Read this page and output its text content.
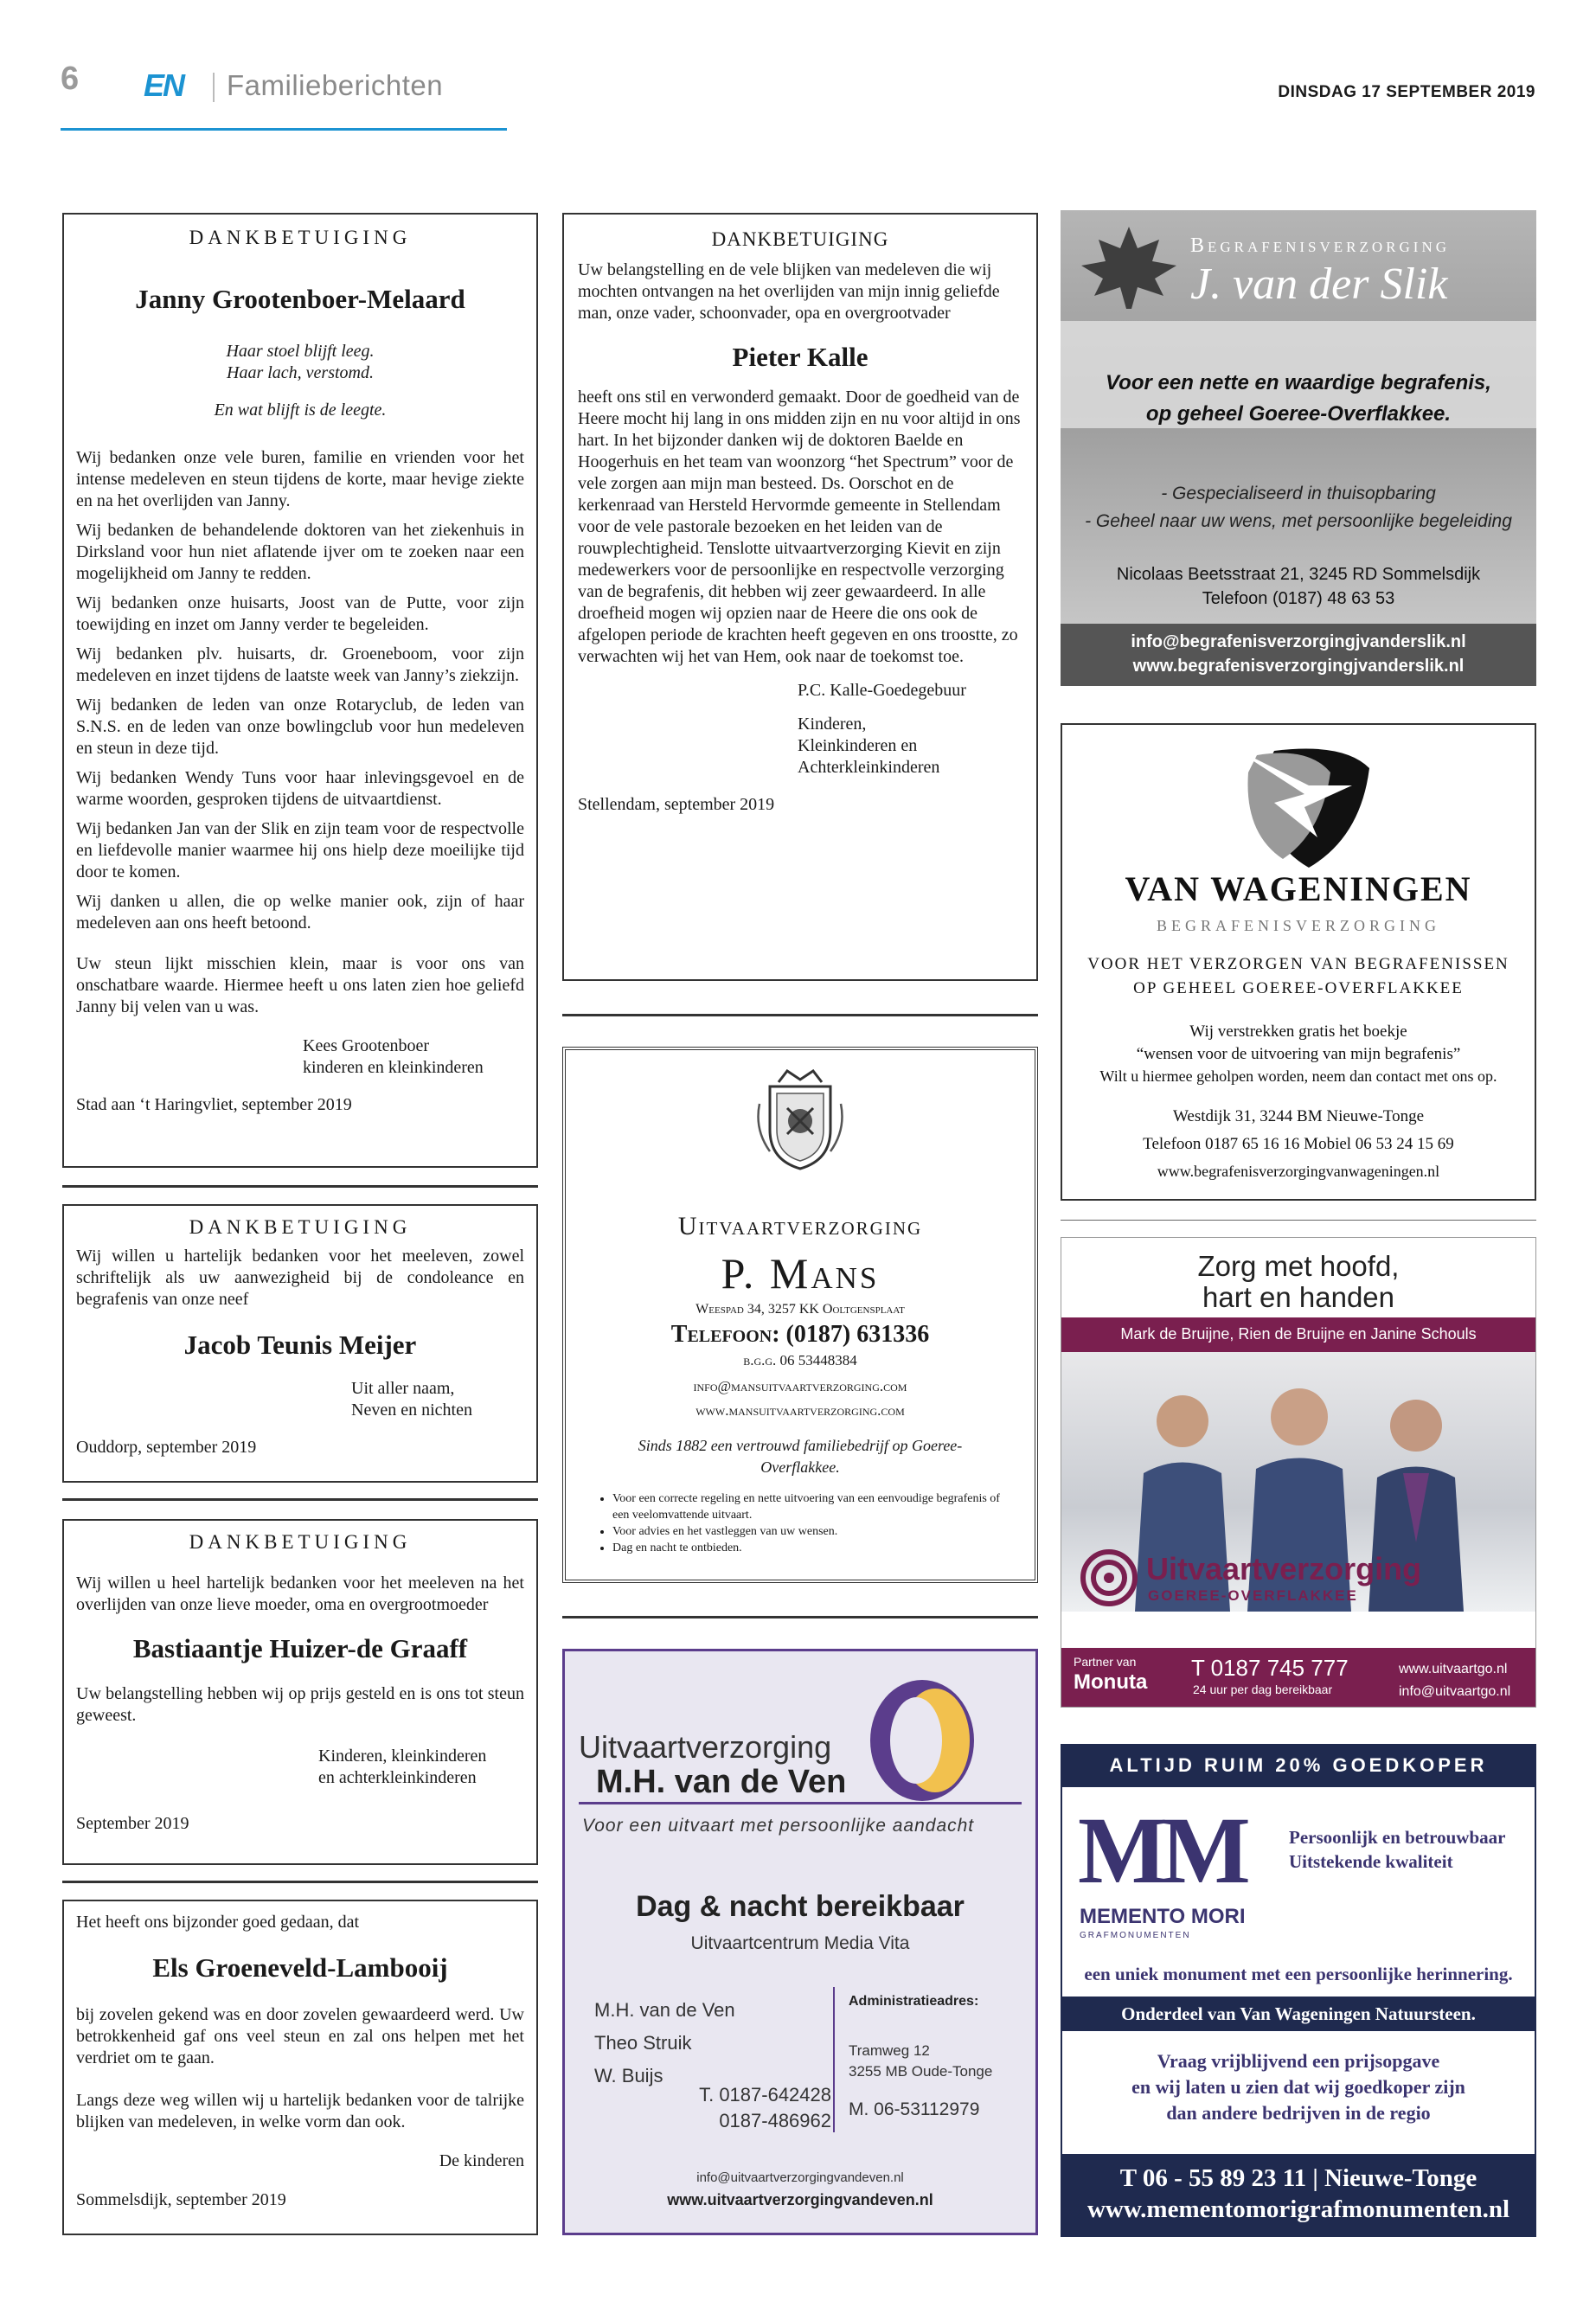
6 EN Familieberichten	DINSDAG 17 SEPTEMBER 2019
DANKBETUIGING
Janny Grootenboer-Melaard
Haar stoel blijft leeg.
Haar lach, verstomd.
En wat blijft is de leegte.

Wij bedanken onze vele buren, familie en vrienden voor het intense medeleven en steun tijdens de korte, maar hevige ziekte en na het overlijden van Janny.

Wij bedanken de behandelende doktoren van het ziekenhuis in Dirksland voor hun niet aflatende ijver om te zoeken naar een mogelijkheid om Janny te redden.

Wij bedanken onze huisarts, Joost van de Putte, voor zijn toewijding en inzet om Janny verder te begeleiden.

Wij bedanken plv. huisarts, dr. Groeneboom, voor zijn medeleven en inzet tijdens de laatste week van Janny’s ziekzijn.

Wij bedanken de leden van onze Rotaryclub, de leden van S.N.S. en de leden van onze bowlingclub voor hun medeleven en steun in deze tijd.

Wij bedanken Wendy Tuns voor haar inlevingsgevoel en de warme woorden, gesproken tijdens de uitvaartdienst.

Wij bedanken Jan van der Slik en zijn team voor de respectvolle en liefdevolle manier waarmee hij ons hielp deze moeilijke tijd door te komen.

Wij danken u allen, die op welke manier ook, zijn of haar medeleven aan ons heeft betoond.

Uw steun lijkt misschien klein, maar is voor ons van onschatbare waarde. Hiermee heeft u ons laten zien hoe geliefd Janny bij velen van u was.

Kees Grootenboer
kinderen en kleinkinderen
Stad aan ‘t Haringvliet, september 2019
DANKBETUIGING
Wij willen u hartelijk bedanken voor het meeleven, zowel schriftelijk als uw aanwezigheid bij de condoleance en begrafenis van onze neef
Jacob Teunis Meijer
Uit aller naam,
Neven en nichten
Ouddorp, september 2019
DANKBETUIGING
Wij willen u heel hartelijk bedanken voor het meeleven na het overlijden van onze lieve moeder, oma en overgrootmoeder
Bastiaantje Huizer-de Graaff
Uw belangstelling hebben wij op prijs gesteld en is ons tot steun geweest.
Kinderen, kleinkinderen
en achterkleinkinderen
September 2019
Het heeft ons bijzonder goed gedaan, dat
Els Groeneveld-Lambooij
bij zovelen gekend was en door zovelen gewaardeerd werd. Uw betrokkenheid gaf ons veel steun en zal ons helpen met het verdriet om te gaan.
Langs deze weg willen wij u hartelijk bedanken voor de talrijke blijken van medeleven, in welke vorm dan ook.
De kinderen
Sommelsdijk, september 2019
DANKBETUIGING
Uw belangstelling en de vele blijken van medeleven die wij mochten ontvangen na het overlijden van mijn innig geliefde man, onze vader, schoonvader, opa en overgrootvader
Pieter Kalle
heeft ons stil en verwonderd gemaakt. Door de goedheid van de Heere mocht hij lang in ons midden zijn en nu voor altijd in ons hart. In het bijzonder danken wij de doktoren Baelde en Hoogerhuis en het team van woonzorg “het Spectrum” voor de vele zorgen aan mijn man besteed. Ds. Oorschot en de kerkenraad van Hersteld Hervormde gemeente in Stellendam voor de vele pastorale bezoeken en het leiden van de rouwplechtigheid. Tenslotte uitvaartverzorging Kievit en zijn medewerkers voor de persoonlijke en respectvolle verzorging van de begrafenis, dit hebben wij zeer gewaardeerd. In alle droefheid mogen wij opzien naar de Heere die ons ook de afgelopen periode de krachten heeft gegeven en ons troostte, zo verwachten wij het van Hem, ook naar de toekomst toe.
P.C. Kalle-Goedegebuur
Kinderen,
Kleinkinderen en
Achterkleinkinderen
Stellendam, september 2019
Uitvaartverzorging
P. Mans
Weespad 34, 3257 KK Ooltgensplaat
Telefoon: (0187) 631336
b.g.g. 06 53448384
info@mansuitvaartverzorging.com
www.mansuitvaartverzorging.com
Sinds 1882 een vertrouwd familiebedrijf op Goeree-Overflakkee.
• Voor een correcte regeling en nette uitvoering van een eenvoudige begrafenis of een veelomvattende uitvaart.
• Voor advies en het vastleggen van uw wensen.
• Dag en nacht te ontbieden.
Uitvaartverzorging
M.H. van de Ven
Voor een uitvaart met persoonlijke aandacht
Dag & nacht bereikbaar
Uitvaartcentrum Media Vita
M.H. van de Ven
Theo Struik
W. Buijs
T. 0187-642428
0187-486962
Administratieadres:
Tramweg 12
3255 MB Oude-Tonge
M. 06-53112979
info@uitvaartverzorgingvandeven.nl
www.uitvaartverzorgingvandeven.nl
Begrafenisverzorging
J. van der Slik
Voor een nette en waardige begrafenis,
op geheel Goeree-Overflakkee.
- Gespecialiseerd in thuisopbaring
- Geheel naar uw wens, met persoonlijke begeleiding
Nicolaas Beetsstraat 21, 3245 RD Sommelsdijk
Telefoon (0187) 48 63 53
info@begrafenisverzorgingjvanderslik.nl
www.begrafenisverzorgingjvanderslik.nl
VAN WAGENINGEN
BEGRAFENISVERZORGING
VOOR HET VERZORGEN VAN BEGRAFENISSEN
OP GEHEEL GOEREE-OVERFLAKKEE
Wij verstrekken gratis het boekje
“wensen voor de uitvoering van mijn begrafenis”
Wilt u hiermee geholpen worden, neem dan contact met ons op.
Westdijk 31, 3244 BM Nieuwe-Tonge
Telefoon 0187 65 16 16 Mobiel 06 53 24 15 69
www.begrafenisverzorgingvanwageningen.nl
Zorg met hoofd,
hart en handen
Mark de Bruijne, Rien de Bruijne en Janine Schouls
Uitvaartverzorging
GOEREE-OVERFLAKKEE
Partner van
Monuta
T 0187 745 777
24 uur per dag bereikbaar
www.uitvaartgo.nl
info@uitvaartgo.nl
ALTIJD RUIM 20% GOEDKOPER
MM
MEMENTO MORI
GRAFMONUMENTEN
Persoonlijk en betrouwbaar
Uitstekende kwaliteit
een uniek monument met een persoonlijke herinnering.
Onderdeel van Van Wageningen Natuursteen.
Vraag vrijblijvend een prijsopgave
en wij laten u zien dat wij goedkoper zijn
dan andere bedrijven in de regio
T 06 - 55 89 23 11 | Nieuwe-Tonge
www.mementomorigrafmonumenten.nl
